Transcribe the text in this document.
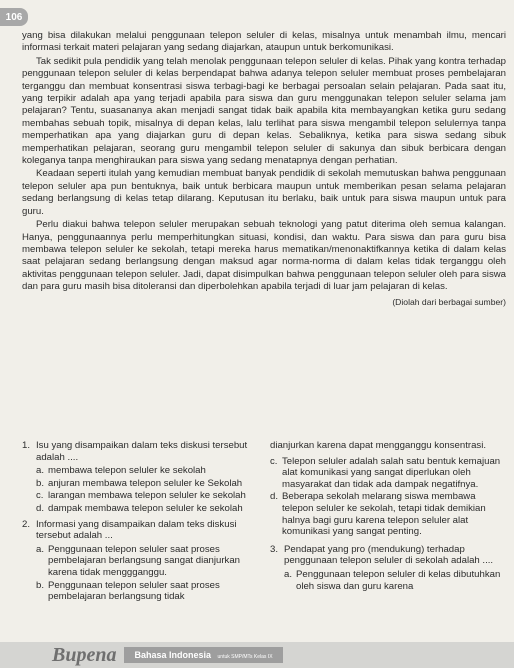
106

yang bisa dilakukan melalui penggunaan telepon seluler di kelas, misalnya untuk menambah ilmu, mencari informasi terkait materi pelajaran yang sedang diajarkan, ataupun untuk berkomunikasi.

Tak sedikit pula pendidik yang telah menolak penggunaan telepon seluler di kelas. Pihak yang kontra terhadap penggunaan telepon seluler di kelas berpendapat bahwa adanya telepon seluler membuat proses pembelajaran terganggu dan membuat konsentrasi siswa terbagi-bagi ke berbagai persoalan selain pelajaran. Pada saat itu, yang terpikir adalah apa yang terjadi apabila para siswa dan guru menggunakan telepon seluler selama jam pelajaran? Tentu, suasananya akan menjadi sangat tidak baik apabila kita membayangkan ketika guru sedang membahas sebuah topik, misalnya di depan kelas, lalu terlihat para siswa mengambil telepon selulernya tanpa memperhatikan apa yang diajarkan guru di depan kelas. Sebaliknya, ketika para siswa sedang sibuk memperhatikan pelajaran, seorang guru mengambil telepon seluler di sakunya dan sibuk berbicara dengan koleganya tanpa menghiraukan para siswa yang sedang menatapnya dengan perhatian.

Keadaan seperti itulah yang kemudian membuat banyak pendidik di sekolah memutuskan bahwa penggunaan telepon seluler apa pun bentuknya, baik untuk berbicara maupun untuk memberikan pesan selama pelajaran sedang berlangsung di kelas tetap dilarang. Keputusan itu berlaku, baik untuk para siswa maupun untuk para guru.

Perlu diakui bahwa telepon seluler merupakan sebuah teknologi yang patut diterima oleh semua kalangan. Hanya, penggunaannya perlu memperhitungkan situasi, kondisi, dan waktu. Para siswa dan para guru bisa membawa telepon seluler ke sekolah, tetapi mereka harus mematikan/menonaktifkannya ketika di dalam kelas saat pelajaran sedang berlangsung dengan maksud agar norma-norma di dalam kelas tidak terganggu oleh aktivitas penggunaan telepon seluler. Jadi, dapat disimpulkan bahwa penggunaan telepon seluler oleh para siswa dan para guru masih bisa ditoleransi dan diperbolehkan apabila terjadi di luar jam pelajaran di kelas.

(Diolah dari berbagai sumber)
1. Isu yang disampaikan dalam teks diskusi tersebut adalah ....
a. membawa telepon seluler ke sekolah
b. anjuran membawa telepon seluler ke Sekolah
c. larangan membawa telepon seluler ke sekolah
d. dampak membawa telepon seluler ke sekolah
2. Informasi yang disampaikan dalam teks diskusi tersebut adalah ...
a. Penggunaan telepon seluler saat proses pembelajaran berlangsung sangat dianjurkan karena tidak menggganggu.
b. Penggunaan telepon seluler saat proses pembelajaran berlangsung tidak
dianjurkan karena dapat mengganggu konsentrasi.
c. Telepon seluler adalah salah satu bentuk kemajuan alat komunikasi yang sangat diperlukan oleh masyarakat dan tidak ada dampak negatifnya.
d. Beberapa sekolah melarang siswa membawa telepon seluler ke sekolah, tetapi tidak demikian halnya bagi guru karena telepon seluler alat komunikasi yang sangat penting.
3. Pendapat yang pro (mendukung) terhadap penggunaan telepon seluler di sekolah adalah ....
a. Penggunaan telepon seluler di kelas dibutuhkan oleh siswa dan guru karena
Bupena	Bahasa Indonesia untuk SMP/MTs Kelas IX
